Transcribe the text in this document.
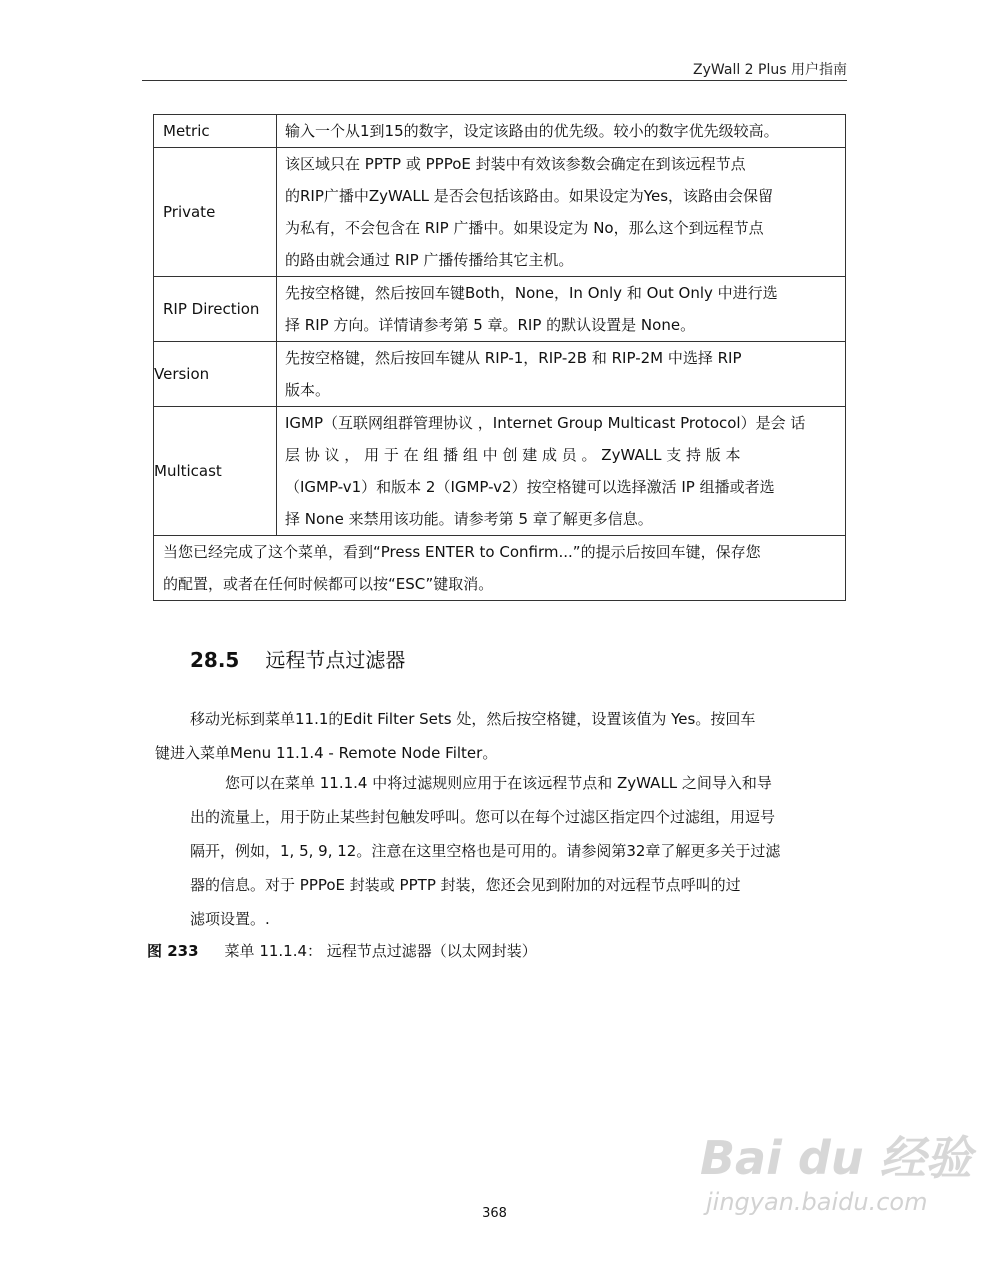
ZyWall 2 Plus 用户指南
Metric	输入一个从1到15的数字，设定该路由的优先级。较小的数字优先级较高。

Private	该区域只在 PPTP 或 PPPoE 封装中有效该参数会确定在到该远程节点
的RIP广播中ZyWALL 是否会包括该路由。如果设定为Yes，该路由会保留
为私有，不会包含在 RIP 广播中。如果设定为 No，那么这个到远程节点
的路由就会通过 RIP 广播传播给其它主机。

RIP Direction	先按空格键，然后按回车键Both，None，In Only 和 Out Only 中进行选
择 RIP 方向。详情请参考第 5 章。RIP 的默认设置是 None。

Version	先按空格键，然后按回车键从 RIP-1，RIP-2B 和 RIP-2M 中选择 RIP
版本。

Multicast	IGMP（互联网组群管理协议 ，Internet Group Multicast Protocol）是会 话
层 协 议 ， 用 于 在 组 播 组 中 创 建 成 员 。 ZyWALL 支 持 版 本
（IGMP-v1）和版本 2（IGMP-v2）按空格键可以选择激活 IP 组播或者选
择 None 来禁用该功能。请参考第 5 章了解更多信息。

当您已经完成了这个菜单，看到“Press ENTER to Confirm...”的提示后按回车键，保存您
的配置，或者在任何时候都可以按“ESC”键取消。	
28.5 远程节点过滤器
移动光标到菜单11.1的Edit Filter Sets 处，然后按空格键，设置该值为 Yes。按回车
键进入菜单Menu 11.1.4 - Remote Node Filter。
您可以在菜单 11.1.4 中将过滤规则应用于在该远程节点和 ZyWALL 之间导入和导
出的流量上，用于防止某些封包触发呼叫。您可以在每个过滤区指定四个过滤组，用逗号
隔开，例如，1, 5, 9, 12。注意在这里空格也是可用的。请参阅第32章了解更多关于过滤
器的信息。对于 PPPoE 封装或 PPTP 封装，您还会见到附加的对远程节点呼叫的过
滤项设置。.
图 233 菜单 11.1.4： 远程节点过滤器（以太网封装）
368
Bai du 经验
jingyan.baidu.com
